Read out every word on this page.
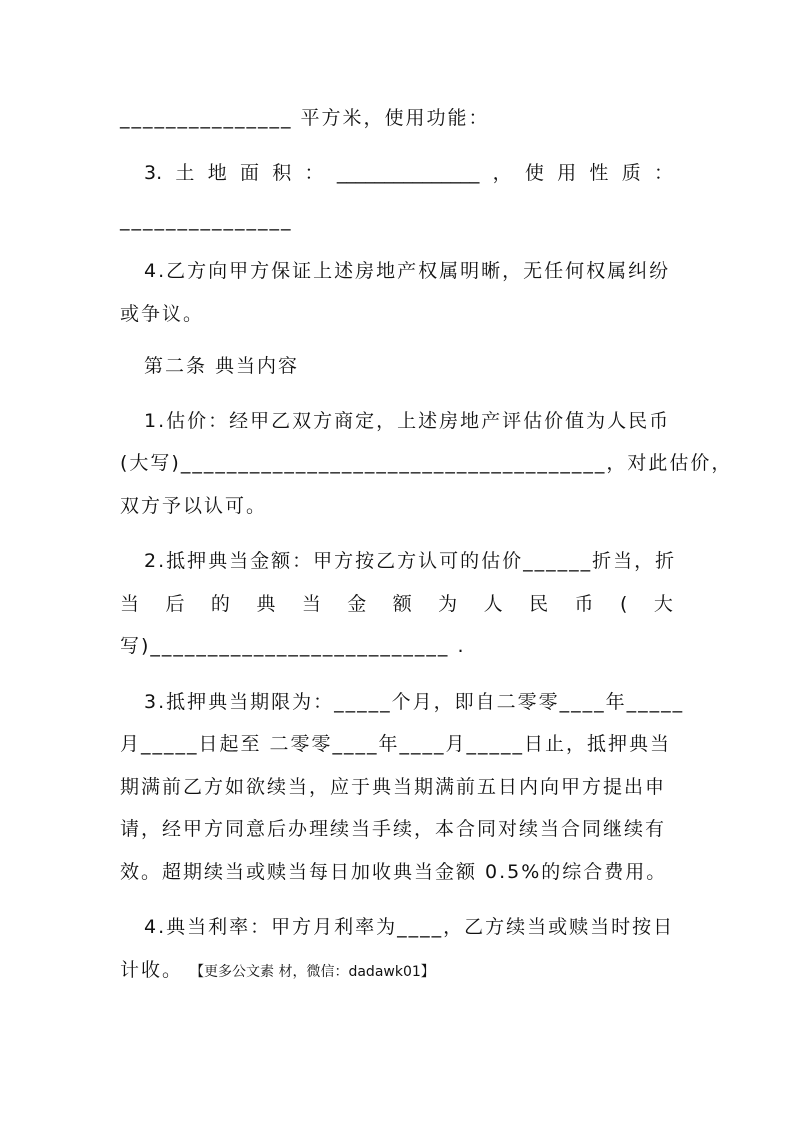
_______________ 平方米，使用功能：
3. 土 地 面 积 ： _______________ ， 使 用 性 质 ：
_______________
4.乙方向甲方保证上述房地产权属明晰，无任何权属纠纷
或争议。
第二条 典当内容
1.估价：经甲乙双方商定，上述房地产评估价值为人民币
(大写)_____________________________________，对此估价，
双方予以认可。
2.抵押典当金额：甲方按乙方认可的估价______折当，折
当 后 的 典 当 金 额 为 人 民 币 ( 大
写)__________________________ .
3.抵押典当期限为：_____个月，即自二零零____年_____
月_____日起至 二零零____年____月_____日止，抵押典当
期满前乙方如欲续当，应于典当期满前五日内向甲方提出申
请，经甲方同意后办理续当手续，本合同对续当合同继续有
效。超期续当或赎当每日加收典当金额 0.5%的综合费用。
4.典当利率：甲方月利率为____，乙方续当或赎当时按日
计收。 【更多公文素 材，微信：dadawk01】
